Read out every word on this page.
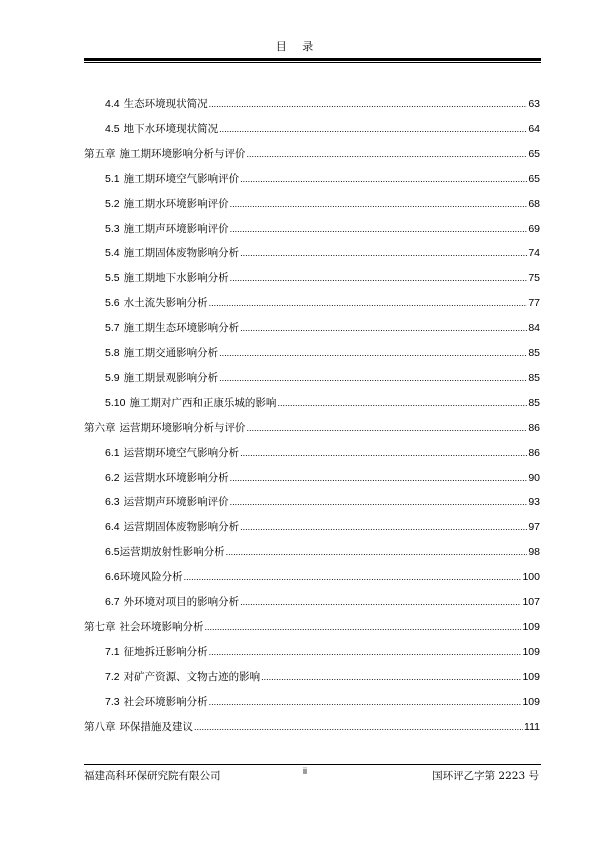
目 录
4.4 生态环境现状简况 .....	63
4.5 地下水环境现状简况 .....	64
第五章 施工期环境影响分析与评价 .....	65
5.1 施工期环境空气影响评价 .....	65
5.2 施工期水环境影响评价 .....	68
5.3 施工期声环境影响评价 .....	69
5.4 施工期固体废物影响分析 .....	74
5.5 施工期地下水影响分析 .....	75
5.6 水土流失影响分析 .....	77
5.7 施工期生态环境影响分析 .....	84
5.8 施工期交通影响分析 .....	85
5.9 施工期景观影响分析 .....	85
5.10 施工期对广西和正康乐城的影响 .....	85
第六章 运营期环境影响分析与评价 .....	86
6.1 运营期环境空气影响分析 .....	86
6.2 运营期水环境影响分析 .....	90
6.3 运营期声环境影响评价 .....	93
6.4 运营期固体废物影响分析 .....	97
6.5 运营期放射性影响分析 .....	98
6.6 环境风险分析 .....	100
6.7 外环境对项目的影响分析 .....	107
第七章 社会环境影响分析 .....	109
7.1 征地拆迁影响分析 .....	109
7.2 对矿产资源、文物古迹的影响 .....	109
7.3 社会环境影响分析 .....	109
第八章 环保措施及建议 .....	111
福建高科环保研究院有限公司	ii	国环评乙字第 2223 号
